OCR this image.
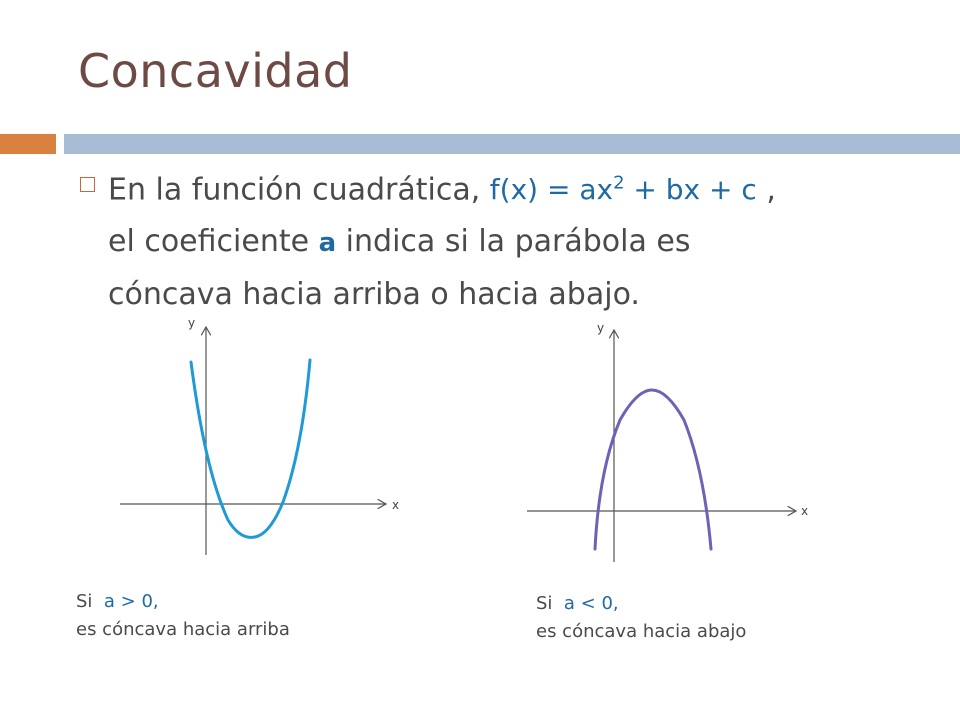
Concavidad
En la función cuadrática, $f(x) = ax^2$ + bx + c ,
el coeficiente a indica si la parábola es
cóncava hacia arriba o hacia abajo.
x
y
x
y
Si a > 0,
es cóncava hacia arriba
Si a < 0,
es cóncava hacia abajo
